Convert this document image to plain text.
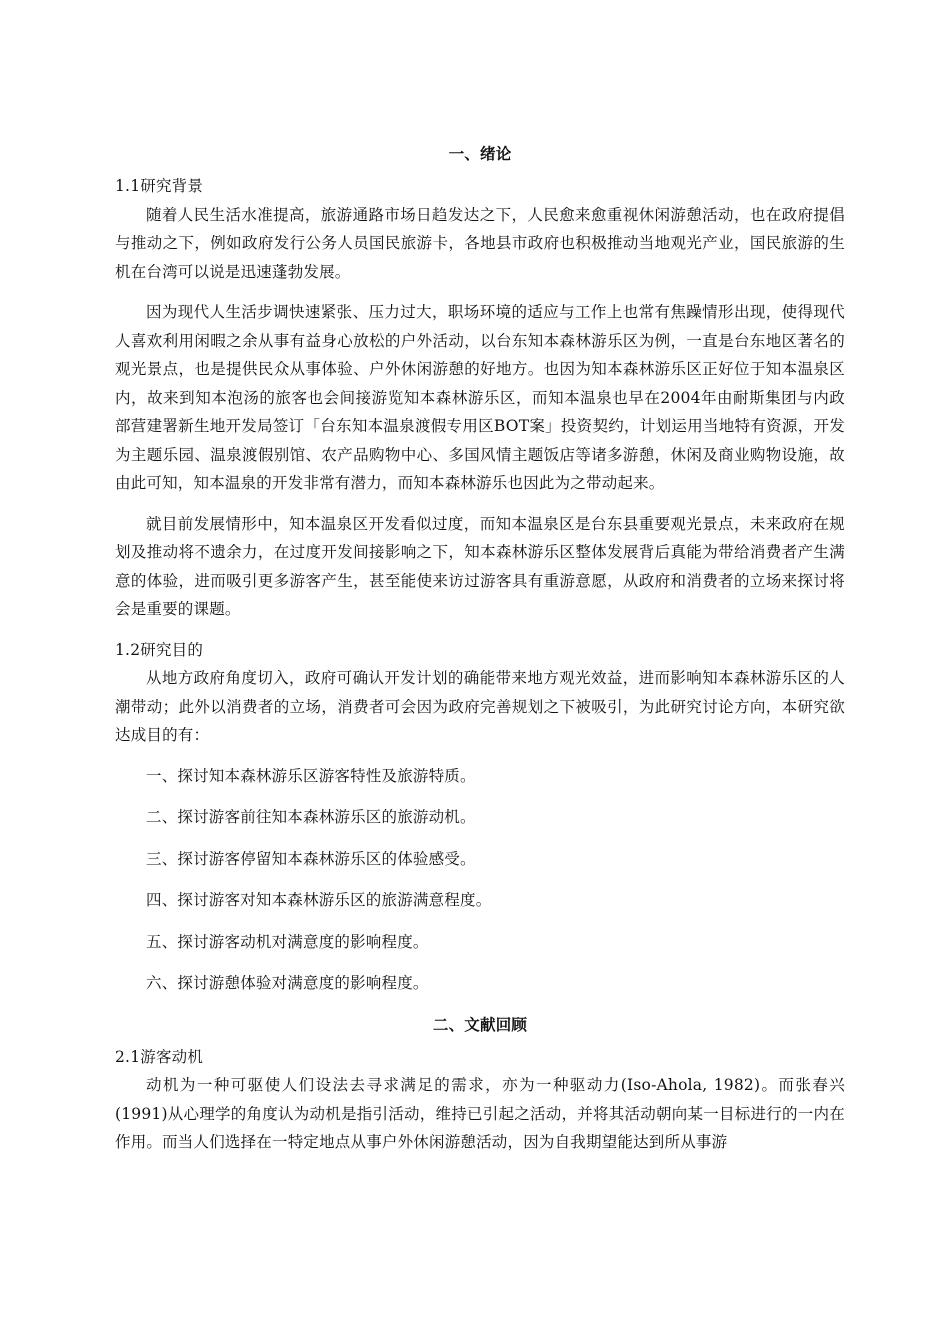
一、绪论
1.1研究背景

随着人民生活水准提高，旅游通路市场日趋发达之下，人民愈来愈重视休闲游憩活动，也在政府提倡与推动之下，例如政府发行公务人员国民旅游卡，各地县市政府也积极推动当地观光产业，国民旅游的生机在台湾可以说是迅速蓬勃发展。

因为现代人生活步调快速紧张、压力过大，职场环境的适应与工作上也常有焦躁情形出现，使得现代人喜欢利用闲暇之余从事有益身心放松的户外活动，以台东知本森林游乐区为例，一直是台东地区著名的观光景点，也是提供民众从事体验、户外休闲游憩的好地方。也因为知本森林游乐区正好位于知本温泉区内，故来到知本泡汤的旅客也会间接游览知本森林游乐区，而知本温泉也早在2004年由耐斯集团与内政部营建署新生地开发局签订「台东知本温泉渡假专用区BOT案」投资契约，计划运用当地特有资源，开发为主题乐园、温泉渡假别馆、农产品购物中心、多国风情主题饭店等诸多游憩，休闲及商业购物设施，故由此可知，知本温泉的开发非常有潜力，而知本森林游乐也因此为之带动起来。

就目前发展情形中，知本温泉区开发看似过度，而知本温泉区是台东县重要观光景点，未来政府在规划及推动将不遗余力，在过度开发间接影响之下，知本森林游乐区整体发展背后真能为带给消费者产生满意的体验，进而吸引更多游客产生，甚至能使来访过游客具有重游意愿，从政府和消费者的立场来探讨将会是重要的课题。

1.2研究目的

从地方政府角度切入，政府可确认开发计划的确能带来地方观光效益，进而影响知本森林游乐区的人潮带动；此外以消费者的立场，消费者可会因为政府完善规划之下被吸引，为此研究讨论方向，本研究欲达成目的有：

一、探讨知本森林游乐区游客特性及旅游特质。

二、探讨游客前往知本森林游乐区的旅游动机。

三、探讨游客停留知本森林游乐区的体验感受。

四、探讨游客对知本森林游乐区的旅游满意程度。

五、探讨游客动机对满意度的影响程度。

六、探讨游憩体验对满意度的影响程度。

二、文献回顾
2.1游客动机

动机为一种可驱使人们设法去寻求满足的需求，亦为一种驱动力(Iso-Ahola, 1982)。而张春兴(1991)从心理学的角度认为动机是指引活动，维持已引起之活动，并将其活动朝向某一目标进行的一内在作用。而当人们选择在一特定地点从事户外休闲游憩活动，因为自我期望能达到所从事游
